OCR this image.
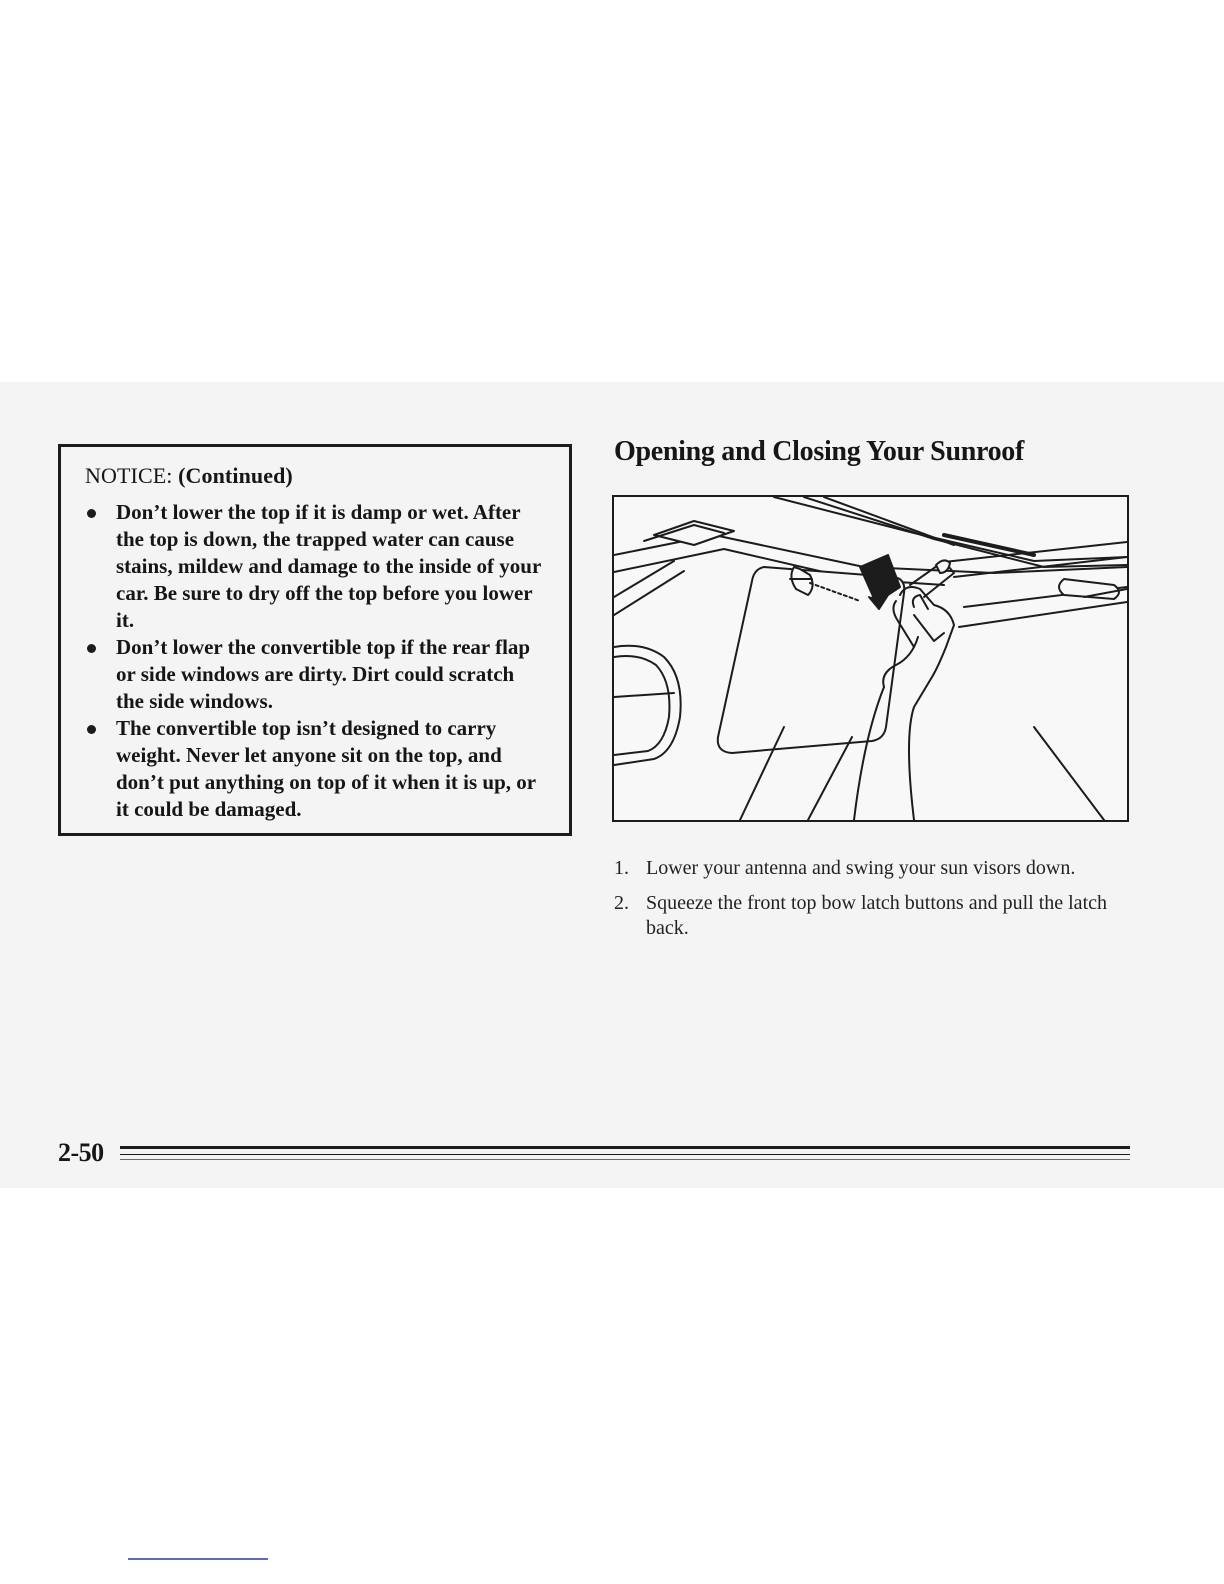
NOTICE: (Continued)

Don’t lower the top if it is damp or wet. After the top is down, the trapped water can cause stains, mildew and damage to the inside of your car. Be sure to dry off the top before you lower it.
Don’t lower the convertible top if the rear flap or side windows are dirty. Dirt could scratch the side windows.
The convertible top isn’t designed to carry weight. Never let anyone sit on the top, and don’t put anything on top of it when it is up, or it could be damaged.
Opening and Closing Your Sunroof
1. Lower your antenna and swing your sun visors down.
2. Squeeze the front top bow latch buttons and pull the latch back.
2-50
